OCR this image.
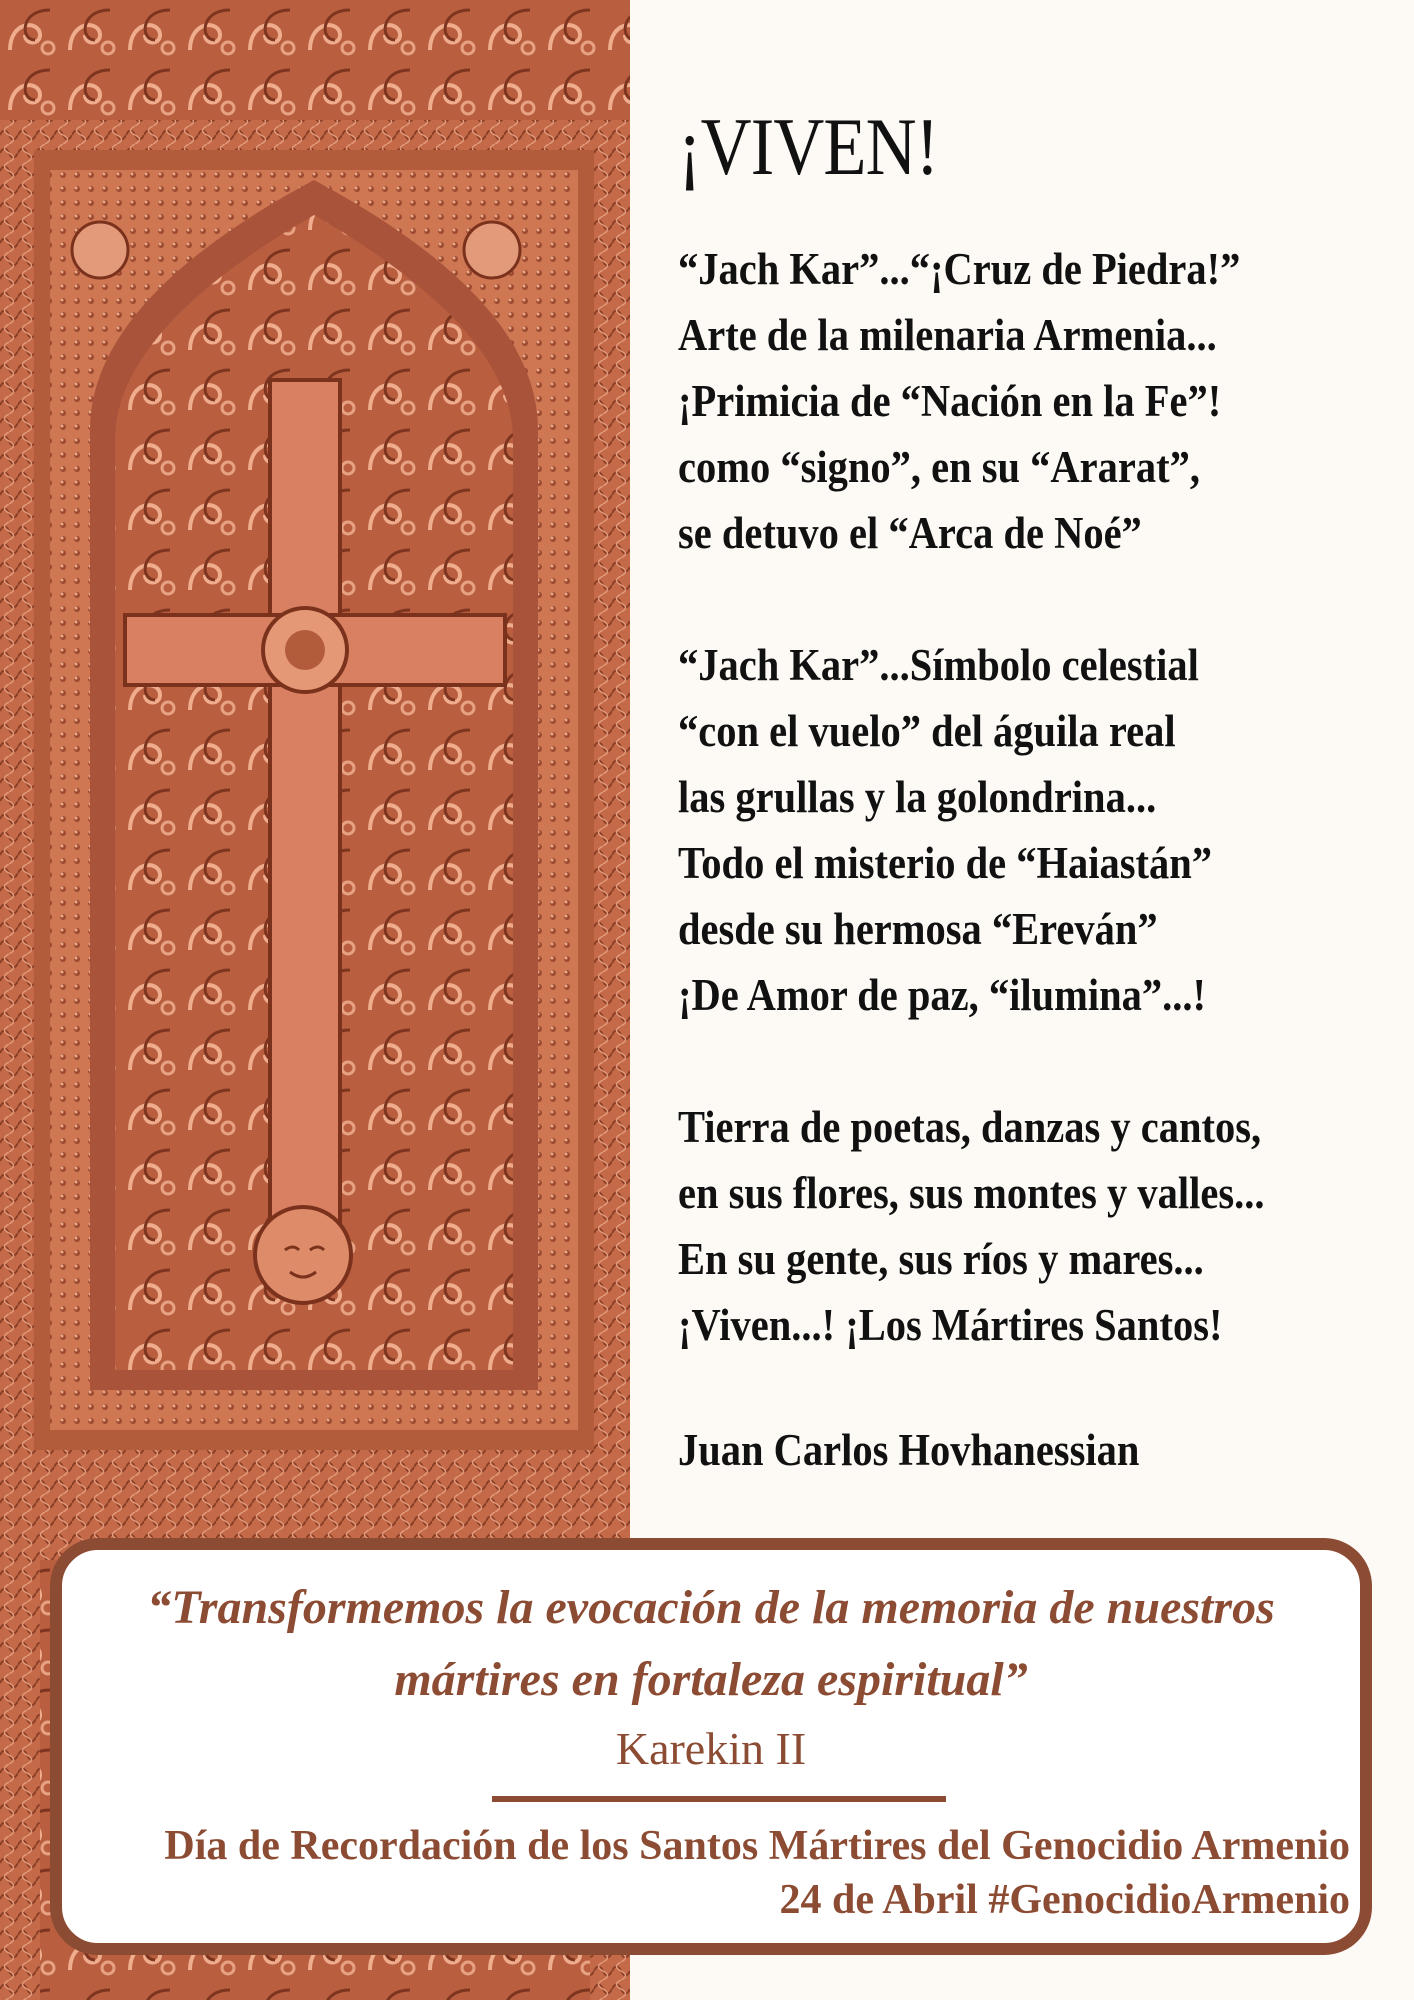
¡VIVEN!
“Jach Kar”...“¡Cruz de Piedra!”
Arte de la milenaria Armenia...
¡Primicia de “Nación en la Fe”!
como “signo”, en su “Ararat”,
se detuvo el “Arca de Noé”
“Jach Kar”...Símbolo celestial
“con el vuelo” del águila real
las grullas y la golondrina...
Todo el misterio de “Haiastán”
desde su hermosa “Ereván”
¡De Amor de paz, “ilumina”...!
Tierra de poetas, danzas y cantos,
en sus flores, sus montes y valles...
En su gente, sus ríos y mares...
¡Viven...! ¡Los Mártires Santos!
Juan Carlos Hovhanessian
“Transformemos la evocación de la memoria de nuestros
mártires en fortaleza espiritual”
Karekin II
Día de Recordación de los Santos Mártires del Genocidio Armenio
24 de Abril #GenocidioArmenio
